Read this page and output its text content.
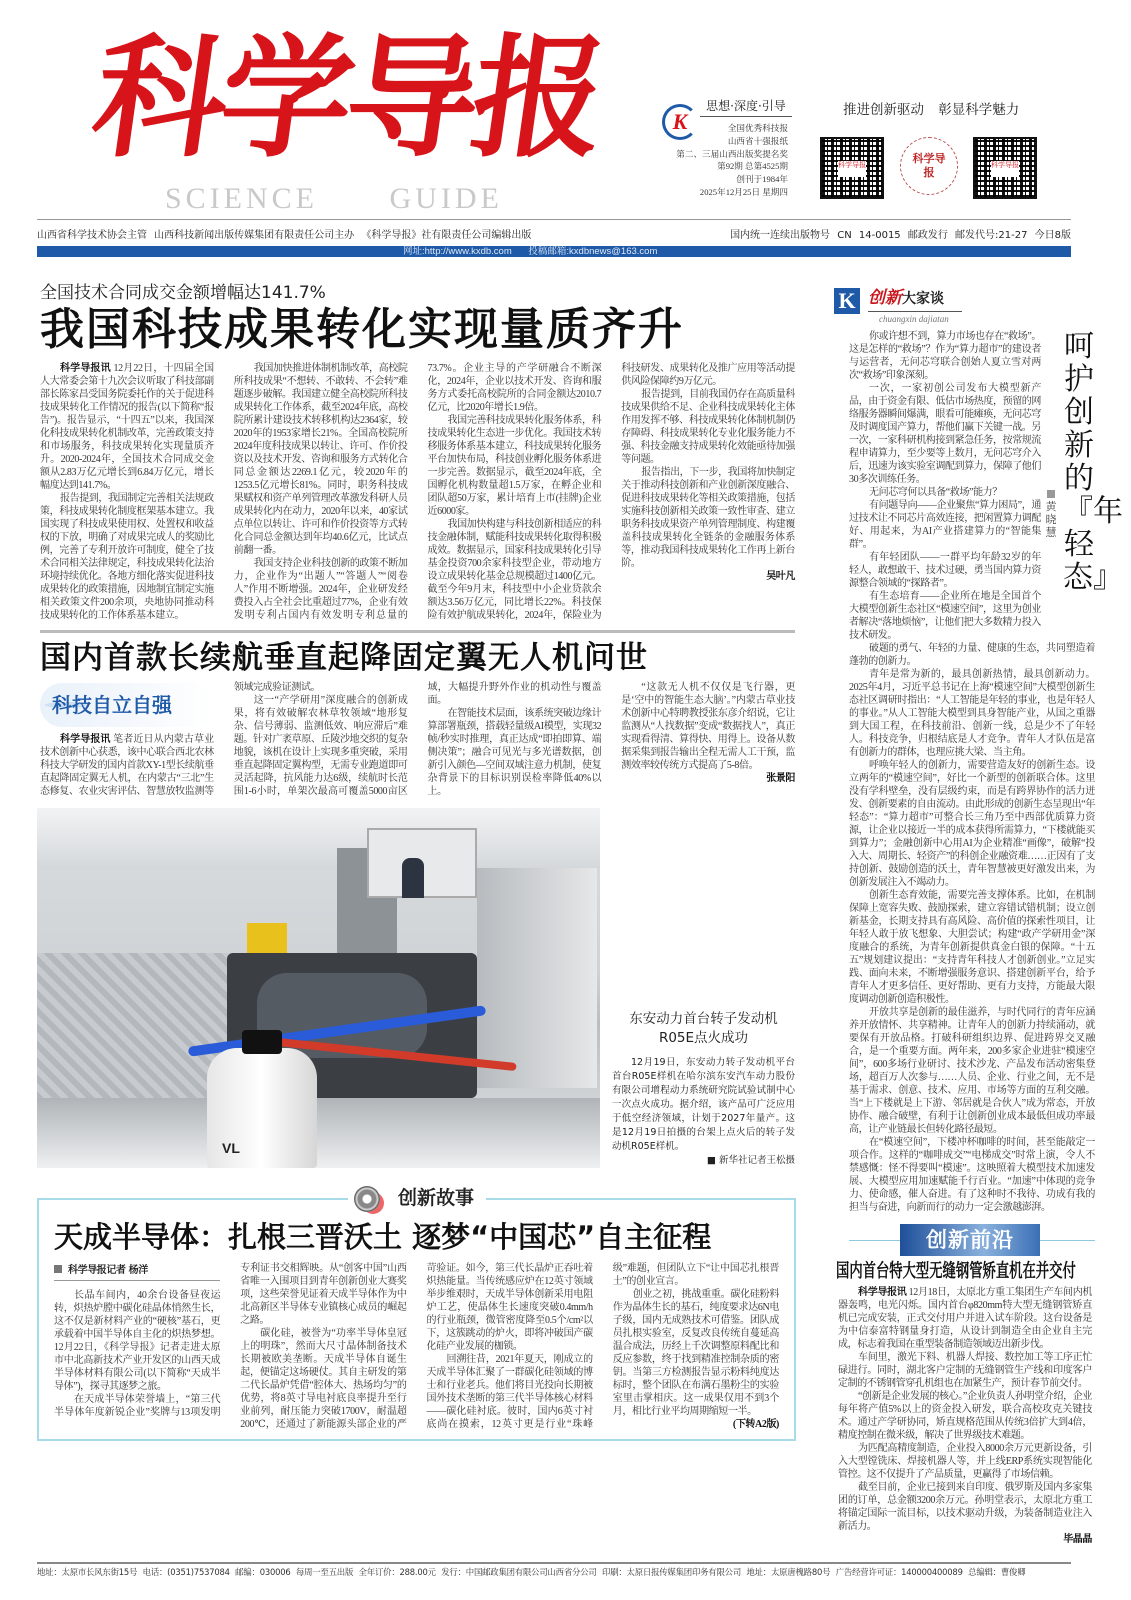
科学导报
SCIENCE GUIDE
K
思想·深度·引导
全国优秀科技报
山西省十强报纸
第二、三届山西出版奖提名奖
第92期 总第4525期
创刊于1984年
2025年12月25日 星期四
推进创新驱动 彰显科学魅力
科学导报	科学导报
科学导报
山西省科学技术协会主管 山西科技新闻出版传媒集团有限责任公司主办 《科学导报》社有限责任公司编辑出版	国内统一连续出版物号 CN 14-0015 邮政发行 邮发代号:21-27 今日8版
网址:http://www.kxdb.com 投稿邮箱:kxdbnews@163.com
全国技术合同成交金额增幅达141.7%
我国科技成果转化实现量质齐升

科学导报讯 12月22日，十四届全国人大常委会第十九次会议听取了科技部副部长陈家昌受国务院委托作的关于促进科技成果转化工作情况的报告(以下简称“报告”)。报告显示，“十四五”以来，我国深化科技成果转化机制改革，完善政策支持和市场服务，科技成果转化实现量质齐升。2020-2024年，全国技术合同成交金额从2.83万亿元增长到6.84万亿元，增长幅度达到141.7%。

报告提到，我国制定完善相关法规政策，科技成果转化制度框架基本建立。我国实现了科技成果使用权、处置权和收益权的下放，明确了对成果完成人的奖励比例，完善了专利开放许可制度，健全了技术合同相关法律规定，科技成果转化法治环境持续优化。各地方细化落实促进科技成果转化的政策措施，因地制宜制定实施相关政策文件200余项，央地协同推动科技成果转化的工作体系基本建立。

我国加快推进体制机制改革，高校院所科技成果“不想转、不敢转、不会转”难题逐步破解。我国建立健全高校院所科技成果转化工作体系，截至2024年底，高校院所累计建设技术转移机构达2364家，较2020年的1953家增长21%。全国高校院所2024年度科技成果以转让、许可、作价投资以及技术开发、咨询和服务方式转化合同总金额达2269.1亿元，较2020年的1253.5亿元增长81%。同时，职务科技成果赋权和资产单列管理改革激发科研人员成果转化内在动力，2020年以来，40家试点单位以转让、许可和作价投资等方式转化合同总金额达到年均40.6亿元，比试点前翻一番。

我国支持企业科技创新的政策不断加力，企业作为“出题人”“答题人”“阅卷人”作用不断增强。2024年，企业研发经费投入占全社会比重超过77%，企业有效发明专利占国内有效发明专利总量的73.7%。企业主导的产学研融合不断深化，2024年，企业以技术开发、咨询和服务方式委托高校院所的合同金额达2010.7亿元，比2020年增长1.9倍。

我国完善科技成果转化服务体系，科技成果转化生态进一步优化。我国技术转移服务体系基本建立，科技成果转化服务平台加快布局，科技创业孵化服务体系进一步完善。数据显示，截至2024年底，全国孵化机构数量超1.5万家，在孵企业和团队超50万家，累计培育上市(挂牌)企业近6000家。

我国加快构建与科技创新相适应的科技金融体制，赋能科技成果转化取得积极成效。数据显示，国家科技成果转化引导基金投资700余家科技型企业，带动地方设立成果转化基金总规模超过1400亿元。截至今年9月末，科技型中小企业贷款余额达3.56万亿元，同比增长22%。科技保险有效护航成果转化，2024年，保险业为科技研发、成果转化及推广应用等活动提供风险保障约9万亿元。

报告提到，目前我国仍存在高质量科技成果供给不足、企业科技成果转化主体作用发挥不够、科技成果转化体制机制仍存障碍、科技成果转化专业化服务能力不强、科技金融支持成果转化效能亟待加强等问题。

报告指出，下一步，我国将加快制定关于推动科技创新和产业创新深度融合、促进科技成果转化等相关政策措施，包括实施科技创新相关政策一致性审查、建立职务科技成果资产单列管理制度、构建覆盖科技成果转化全链条的金融服务体系等，推动我国科技成果转化工作再上新台阶。

吴叶凡
国内首款长续航垂直起降固定翼无人机问世

科技自立自强

科学导报讯 笔者近日从内蒙古草业技术创新中心获悉，该中心联合西北农林科技大学研发的国内首款XY-1型长续航垂直起降固定翼无人机，在内蒙古“三北”生态修复、农业灾害评估、智慧放牧监测等领域完成验证测试。

这一“产学研用”深度融合的创新成果，将有效破解农林草牧领域“地形复杂、信号薄弱、监测低效、响应滞后”难题。针对广袤草原、丘陵沙地交织的复杂地貌，该机在设计上实现多重突破，采用垂直起降固定翼构型，无需专业跑道即可灵活起降，抗风能力达6级，续航时长范围1-6小时，单架次最高可覆盖5000亩区域，大幅提升野外作业的机动性与覆盖面。

在智能技术层面，该系统突破边缘计算部署瓶颈，搭载轻量级AI模型，实现32帧/秒实时推理，真正达成“即拍即算、端侧决策”；融合可见光与多光谱数据，创新引入颜色—空间双域注意力机制，使复杂背景下的目标识别误检率降低40%以上。

“这款无人机不仅仅是飞行器，更是‘空中的智能生态大脑’。”内蒙古草业技术创新中心特聘教授张东彦介绍说，它让监测从“人找数据”变成“数据找人”，真正实现看得清、算得快、用得上。设备从数据采集到报告输出全程无需人工干预，监测效率较传统方式提高了5-8倍。

张景阳
VL
东安动力首台转子发动机
R05E点火成功

12月19日，东安动力转子发动机平台首台R05E样机在哈尔滨东安汽车动力股份有限公司增程动力系统研究院试验试制中心一次点火成功。据介绍，该产品可广泛应用于低空经济领域，计划于2027年量产。这是12月19日拍摄的台架上点火后的转子发动机R05E样机。

■ 新华社记者王松摄
创新故事
天成半导体：扎根三晋沃土 逐梦“中国芯”自主征程
科学导报记者 杨洋

长晶车间内，40余台设备昼夜运转，炽热炉膛中碳化硅晶体悄然生长，这不仅是新材料产业的“硬核”基石，更承载着中国半导体自主化的炽热梦想。12月22日，《科学导报》记者走进太原市中北高新技术产业开发区的山西天成半导体材料有限公司(以下简称“天成半导体”)，探寻其逐梦之旅。

在天成半导体荣誉墙上，“第三代半导体年度新锐企业”奖牌与13项发明专利证书交相辉映。从“创客中国”山西省唯一入围项目到青年创新创业大赛奖项，这些荣誉见证着天成半导体作为中北高新区半导体专业镇核心成员的崛起之路。

碳化硅，被誉为“功率半导体皇冠上的明珠”，然而大尺寸晶体制备技术长期被欧美垄断。天成半导体自诞生起，便锚定这场硬仗。其自主研发的第二代长晶炉凭借“腔体大、热场均匀”的优势，将8英寸导电衬底良率提升至行业前列，耐压能力突破1700V，耐温超200℃，还通过了新能源头部企业的严苛验证。如今，第三代长晶炉正吞吐着炽热能量。当传统感应炉在12英寸领域举步维艰时，天成半导体创新采用电阻炉工艺，使晶体生长速度突破0.4mm/h的行业瓶颈，微管密度降至0.5个/cm²以下，这簇跳动的炉火，即将冲破国产碳化硅产业发展的枷锁。

回溯往昔，2021年夏天，刚成立的天成半导体汇聚了一群碳化硅领域的博士和行业老兵。他们将目光投向长期被国外技术垄断的第三代半导体核心材料——碳化硅衬底。彼时，国内6英寸衬底尚在摸索，12英寸更是行业“珠峰级”难题，但团队立下“让中国芯扎根晋土”的创业宣言。

创业之初，挑战重重。碳化硅粉料作为晶体生长的基石，纯度要求达6N电子级，国内无成熟技术可借鉴。团队成员扎根实验室，反复改良传统自蔓延高温合成法，历经上千次调整原料配比和反应参数，终于找到精准控制杂质的密钥。当第三方检测报告显示粉料纯度达标时，整个团队在布满石墨粉尘的实验室里击掌相庆。这一成果仅用不到3个月，相比行业平均周期缩短一半。

(下转A2版)
K 创新大家谈
chuangxin dajiatan
黄晓慧
呵护创新的『年轻态』

你或许想不到，算力市场也存在“救场”。这是怎样的“救场”？作为“算力超市”的建设者与运营者，无问芯穹联合创始人夏立雪对两次“救场”印象深刻。

一次，一家初创公司发布大模型新产品，由于资金有限、低估市场热度，预留的网络服务器瞬间爆满，眼看可能瘫痪，无问芯穹及时调度国产算力，帮他们赢下关键一战。另一次，一家科研机构接到紧急任务，按常规流程申请算力，至少要等上数月，无问芯穹介入后，迅速为该实验室调配到算力，保障了他们30多次训练任务。

无问芯穹何以具备“救场”能力？

有问题导向——企业聚焦“算力困局”，通过技术让不同芯片高效连接，把闲置算力调配好、用起来，为AI产业搭建算力的“智能集群”。

有年轻团队——一群平均年龄32岁的年轻人，敢想敢干、技术过硬，勇当国内算力资源整合领域的“探路者”。

有生态培育——企业所在地是全国首个大模型创新生态社区“模速空间”，这里为创业者解决“落地烦恼”，让他们把大多数精力投入技术研发。

破题的勇气、年轻的力量、健康的生态，共同塑造着蓬勃的创新力。

青年是常为新的，最具创新热情，最具创新动力。2025年4月，习近平总书记在上海“模速空间”大模型创新生态社区调研时指出：“人工智能是年轻的事业，也是年轻人的事业。”从人工智能大模型到具身智能产业，从国之重器到大国工程，在科技前沿、创新一线，总是少不了年轻人。科技竞争，归根结底是人才竞争。青年人才队伍是富有创新力的群体，也理应挑大梁、当主角。

呼唤年轻人的创新力，需要营造友好的创新生态。设立两年的“模速空间”，好比一个新型的创新联合体。这里没有学科壁垒，没有层级约束，而是有跨界协作的活力迸发、创新要素的自由流动。由此形成的创新生态呈现出“年轻态”：“算力超市”可整合长三角乃至中西部优质算力资源，让企业以接近一半的成本获得所需算力，“下楼就能买到算力”；金融创新中心用AI为企业精准“画像”，破解“投入大、周期长、轻资产”的科创企业融资难……正因有了支持创新、鼓励创造的沃土，青年智慧被更好激发出来，为创新发展注入不竭动力。

创新生态育效能，需要完善支撑体系。比如，在机制保障上宽容失败、鼓励探索，建立容错试错机制；设立创新基金，长期支持具有高风险、高价值的探索性项目，让年轻人敢于放飞想象、大胆尝试；构建“政产学研用金”深度融合的系统，为青年创新提供真金白银的保障。“十五五”规划建议提出：“支持青年科技人才创新创业。”立足实践、面向未来，不断增强服务意识、搭建创新平台，给予青年人才更多信任、更好帮助、更有力支持，方能最大限度调动创新创造积极性。

开放共享是创新的最佳滋养，与时代同行的青年应涵养开放情怀、共享精神。让青年人的创新力持续涌动，就要保有开放品格。打破科研组织边界、促进跨界交叉融合，是一个重要方面。两年来，200多家企业进驻“模速空间”，600多场行业研讨、技术沙龙、产品发布活动密集登场，超百万人次参与……人员、企业、行业之间，无不是基于需求、创意、技术、应用、市场等方面的互利交融。当“上下楼就是上下游、邻居就是合伙人”成为常态，开放协作、融合破壁，有利于让创新创业成本最低但成功率最高，让产业链最长但转化路径最短。

在“模速空间”，下楼冲杯咖啡的时间，甚至能敲定一项合作。这样的“咖啡成交”“电梯成交”时常上演，令人不禁感慨：怪不得要叫“模速”。这映照着大模型技术加速发展、大模型应用加速赋能千行百业。“加速”中体现的竞争力、使命感，催人奋进。有了这种时不我待、功成有我的担当与奋进，向新而行的动力一定会激越澎湃。

创新前沿
国内首台特大型无缝钢管矫直机在并交付

科学导报讯 12月18日，太原北方重工集团生产车间内机器轰鸣，电光闪烁。国内首台φ820mm特大型无缝钢管矫直机已完成安装，正式交付用户并进入试车阶段。这台设备是为中信泰富特钢量身打造，从设计到制造全由企业自主完成，标志着我国在重型装备制造领域迈出新步伐。

车间里，激光下料、机器人焊接、数控加工等工序正忙碌进行。同时，湖北客户定制的无缝钢管生产线和印度客户定制的不锈钢管穿孔机组也在加紧生产，预计春节前交付。

“创新是企业发展的核心。”企业负责人孙明堂介绍，企业每年将产值5%以上的资金投入研发，联合高校攻克关键技术。通过产学研协同，矫直规格范围从传统3倍扩大到4倍，精度控制在微米级，解决了世界级技术难题。

为匹配高精度制造，企业投入8000余万元更新设备，引入大型镗铣床、焊接机器人等，并上线ERP系统实现智能化管控。这不仅提升了产品质量，更赢得了市场信赖。

截至目前，企业已接到来自印度、俄罗斯及国内多家集团的订单，总金额3200余万元。孙明堂表示，太原北方重工将锚定国际一流目标，以技术驱动升级，为装备制造业注入新活力。

毕晶晶
地址：太原市长风东街15号 电话：(0351)7537084 邮编：030006 每周一至五出版 全年订价：288.00元 发行：中国邮政集团有限公司山西省分公司 印刷：太原日报传媒集团印务有限公司 地址：太原唐槐路80号 广告经营许可证：140000400089 总编辑：曹俊卿
